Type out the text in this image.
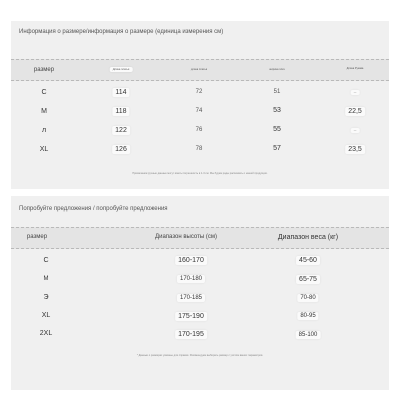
Информация о размере/информация о размере (единица измерения см)
размер	Длина платья	длина платья	ширина плеч	Длина Рукава
С	114	72	51	—
М	118	74	53	22,5
л	122	76	55	—
XL	126	78	57	23,5
Примечание:ручные данные могут иметь погрешность в 1-3 см. Мы будем рады рассказать о нашей продукции.
Попробуйте предложения / попробуйте предложения
размер	Диапазон высоты (см)	Диапазон веса (кг)
С	160-170	45-60
М	170-180	65-75
Э	170-185	70-80
XL	175-190	80-95
2XL	170-195	85-100
* Данные о размерах указаны для справки. Рекомендуем выбирать размер с учётом ваших параметров.
